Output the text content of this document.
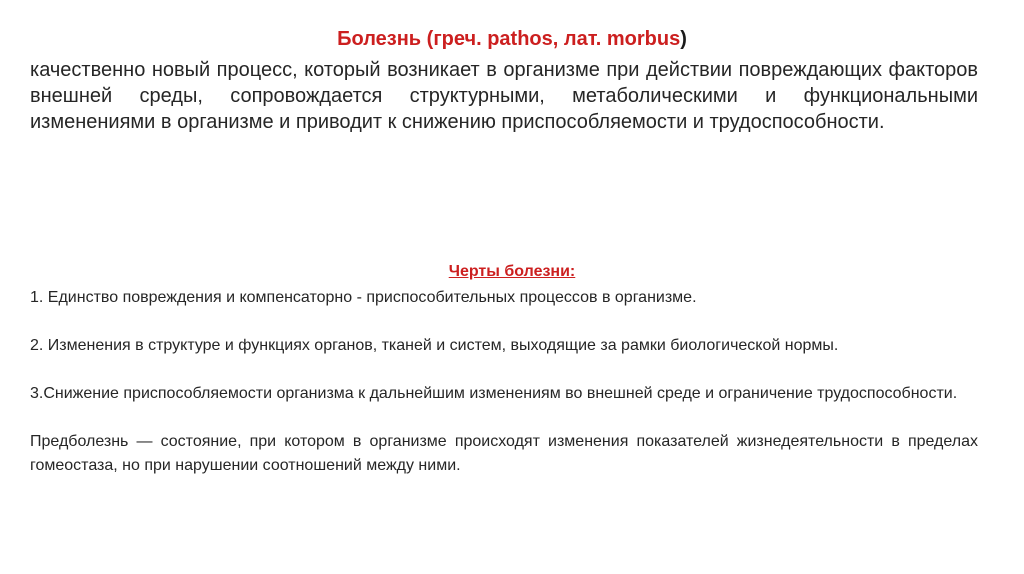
Болезнь (греч. pathos, лат. morbus)
качественно новый процесс, который возникает в организме при действии повреждающих факторов внешней среды, сопровождается структурными, метаболическими и функциональными изменениями в организме и приводит к снижению приспособляемости и трудоспособности.
Черты болезни:

1. Единство повреждения и компенсаторно - приспособительных процессов в организме.

2. Изменения в структуре и функциях органов, тканей и систем, выходящие за рамки биологической нормы.

3.Снижение приспособляемости организма к дальнейшим изменениям во внешней среде и ограничение трудоспособности.

Предболезнь — состояние, при котором в организме происходят изменения показателей жизнедеятельности в пределах гомеостаза, но при нарушении соотношений между ними.
